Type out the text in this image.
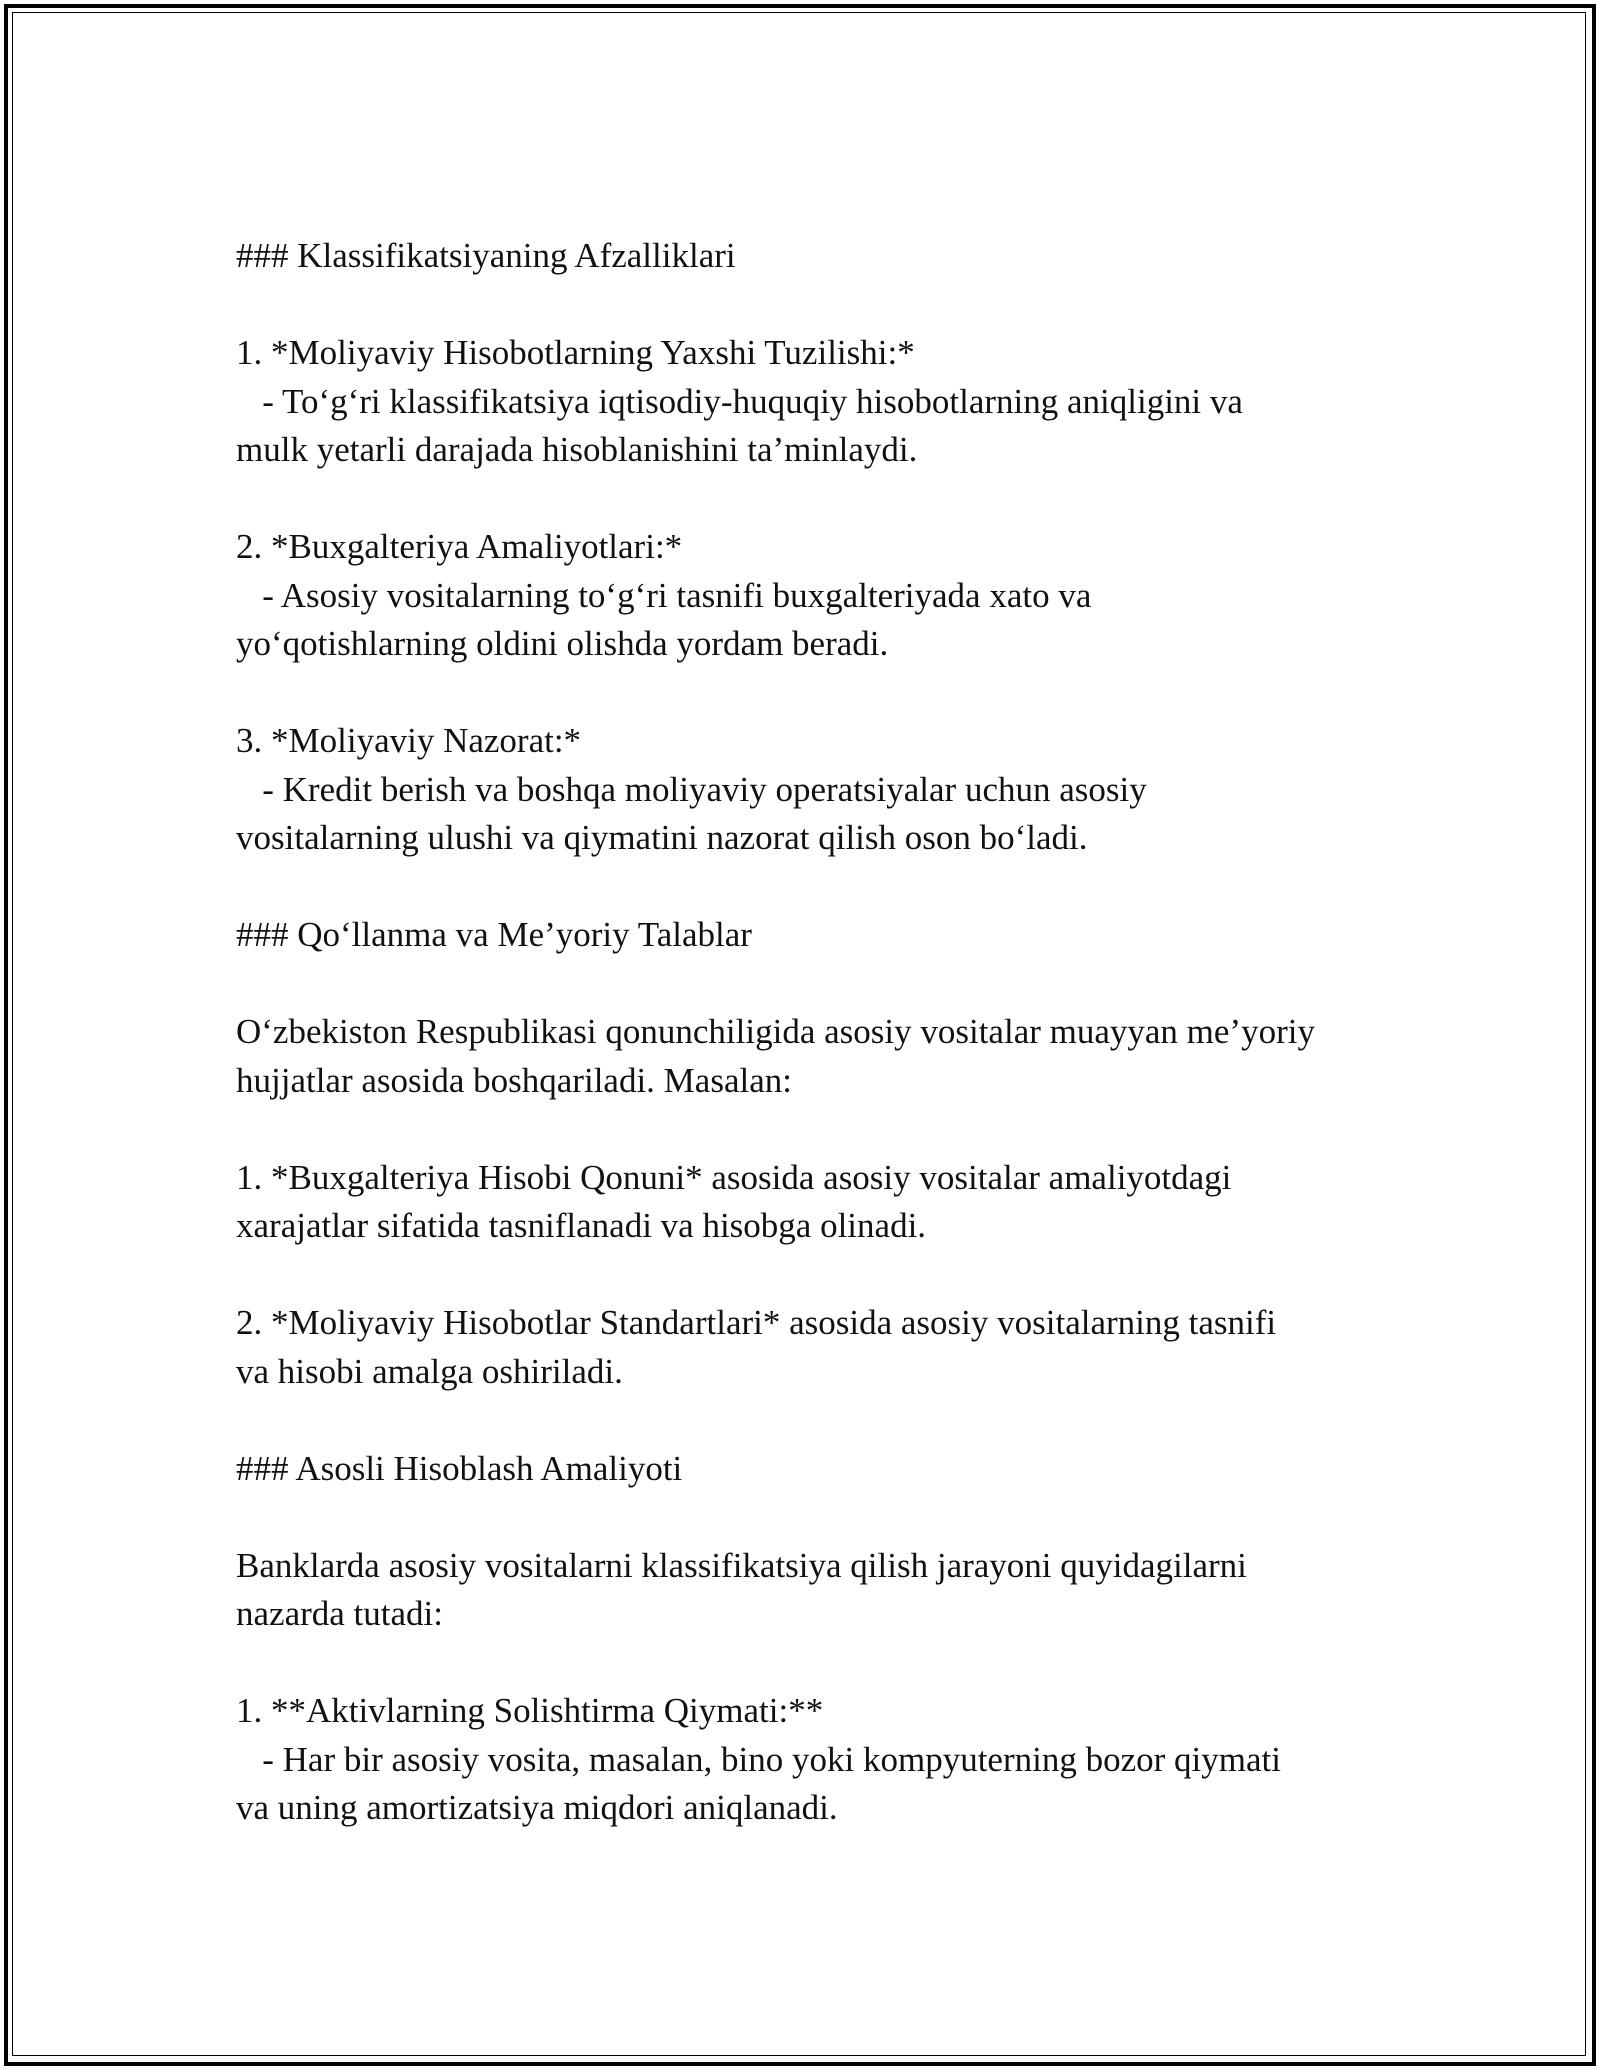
### Klassifikatsiyaning Afzalliklari

1. *Moliyaviy Hisobotlarning Yaxshi Tuzilishi:*

- To‘g‘ri klassifikatsiya iqtisodiy-huquqiy hisobotlarning aniqligini va

mulk yetarli darajada hisoblanishini ta’minlaydi.

2. *Buxgalteriya Amaliyotlari:*

- Asosiy vositalarning to‘g‘ri tasnifi buxgalteriyada xato va

yo‘qotishlarning oldini olishda yordam beradi.

3. *Moliyaviy Nazorat:*

- Kredit berish va boshqa moliyaviy operatsiyalar uchun asosiy

vositalarning ulushi va qiymatini nazorat qilish oson bo‘ladi.

### Qo‘llanma va Me’yoriy Talablar

O‘zbekiston Respublikasi qonunchiligida asosiy vositalar muayyan me’yoriy

hujjatlar asosida boshqariladi. Masalan:

1. *Buxgalteriya Hisobi Qonuni* asosida asosiy vositalar amaliyotdagi

xarajatlar sifatida tasniflanadi va hisobga olinadi.

2. *Moliyaviy Hisobotlar Standartlari* asosida asosiy vositalarning tasnifi

va hisobi amalga oshiriladi.

### Asosli Hisoblash Amaliyoti

Banklarda asosiy vositalarni klassifikatsiya qilish jarayoni quyidagilarni

nazarda tutadi:

1. **Aktivlarning Solishtirma Qiymati:**

- Har bir asosiy vosita, masalan, bino yoki kompyuterning bozor qiymati

va uning amortizatsiya miqdori aniqlanadi.
